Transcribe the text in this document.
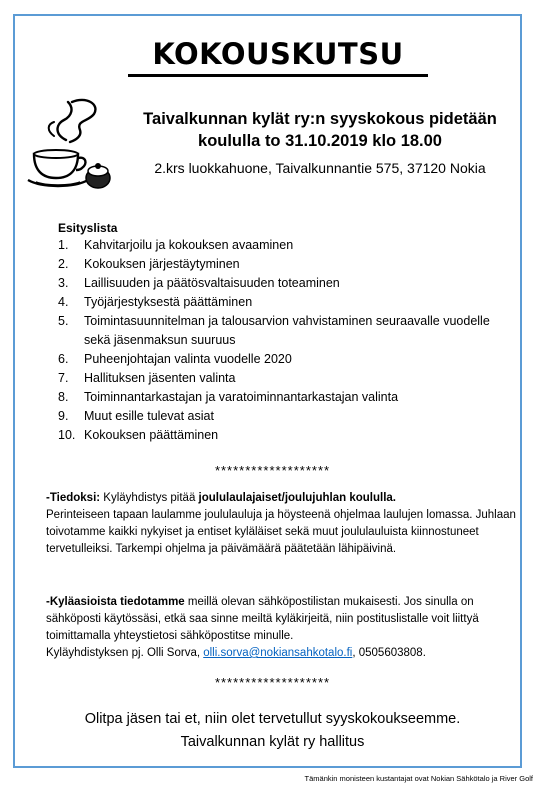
KOKOUSKUTSU
Taivalkunnan kylät ry:n syyskokous pidetään
koululla to 31.10.2019 klo 18.00
2.krs luokkahuone, Taivalkunnantie 575, 37120 Nokia
Esityslista
1. Kahvitarjoilu ja kokouksen avaaminen
2. Kokouksen järjestäytyminen
3. Laillisuuden ja päätösvaltaisuuden toteaminen
4. Työjärjestyksestä päättäminen
5. Toimintasuunnitelman ja talousarvion vahvistaminen seuraavalle vuodelle sekä jäsenmaksun suuruus
6. Puheenjohtajan valinta vuodelle 2020
7. Hallituksen jäsenten valinta
8. Toiminnantarkastajan ja varatoiminnantarkastajan valinta
9. Muut esille tulevat asiat
10. Kokouksen päättäminen
*******************
-Tiedoksi: Kyläyhdistys pitää joululaulajaiset/joulujuhlan koululla.
Perinteiseen tapaan laulamme joululauluja ja höysteenä ohjelmaa laulujen lomassa. Juhlaan toivotamme kaikki nykyiset ja entiset kyläläiset sekä muut joululauluista kiinnostuneet tervetulleiksi. Tarkempi ohjelma ja päivämäärä päätetään lähipäivinä.
-Kyläasioista tiedotamme meillä olevan sähköpostilistan mukaisesti. Jos sinulla on sähköposti käytössäsi, etkä saa sinne meiltä kyläkirjeitä, niin postituslistalle voit liittyä toimittamalla yhteystietosi sähköpostitse minulle.
Kyläyhdistyksen pj. Olli Sorva, olli.sorva@nokiansahkotalo.fi, 0505603808.
*******************
Olitpa jäsen tai et, niin olet tervetullut syyskokoukseemme.
Taivalkunnan kylät ry hallitus
Tämänkin monisteen kustantajat ovat Nokian Sähkötalo ja River Golf
